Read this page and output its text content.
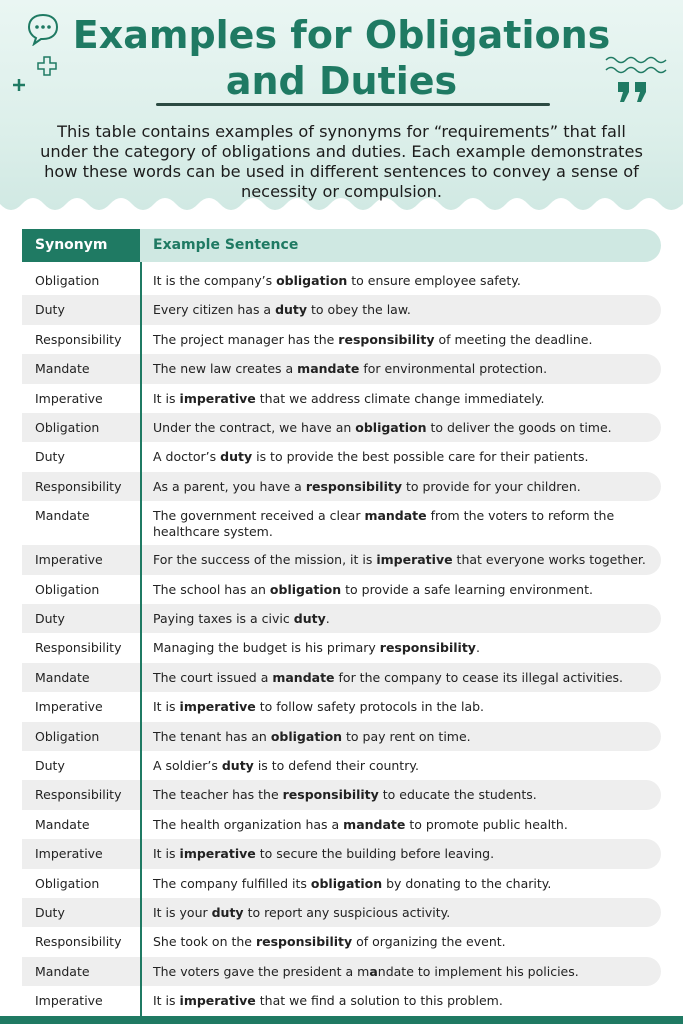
Examples for Obligations
and Duties
This table contains examples of synonyms for “requirements” that fall under the category of obligations and duties. Each example demonstrates how these words can be used in different sentences to convey a sense of necessity or compulsion.
Synonym	Example Sentence
Obligation	It is the company’s obligation to ensure employee safety.
Duty	Every citizen has a duty to obey the law.
Responsibility	The project manager has the responsibility of meeting the deadline.
Mandate	The new law creates a mandate for environmental protection.
Imperative	It is imperative that we address climate change immediately.
Obligation	Under the contract, we have an obligation to deliver the goods on time.
Duty	A doctor’s duty is to provide the best possible care for their patients.
Responsibility	As a parent, you have a responsibility to provide for your children.
Mandate	The government received a clear mandate from the voters to reform the healthcare system.
Imperative	For the success of the mission, it is imperative that everyone works together.
Obligation	The school has an obligation to provide a safe learning environment.
Duty	Paying taxes is a civic duty.
Responsibility	Managing the budget is his primary responsibility.
Mandate	The court issued a mandate for the company to cease its illegal activities.
Imperative	It is imperative to follow safety protocols in the lab.
Obligation	The tenant has an obligation to pay rent on time.
Duty	A soldier’s duty is to defend their country.
Responsibility	The teacher has the responsibility to educate the students.
Mandate	The health organization has a mandate to promote public health.
Imperative	It is imperative to secure the building before leaving.
Obligation	The company fulfilled its obligation by donating to the charity.
Duty	It is your duty to report any suspicious activity.
Responsibility	She took on the responsibility of organizing the event.
Mandate	The voters gave the president a mandate to implement his policies.
Imperative	It is imperative that we find a solution to this problem.
